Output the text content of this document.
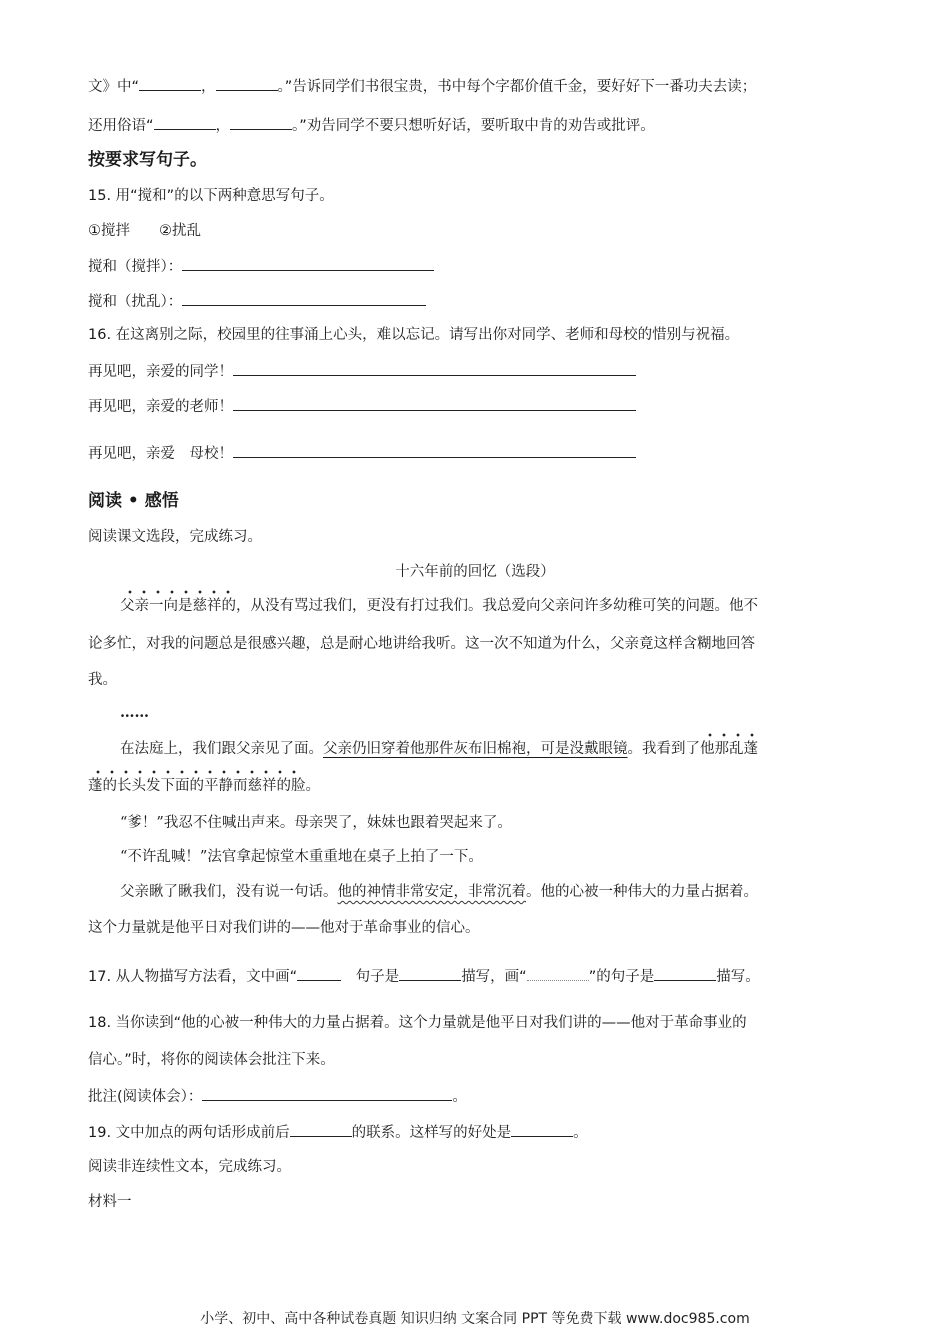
文》中“	，	。”告诉同学们书很宝贵，书中每个字都价值千金，要好好下一番功夫去读；
还用俗语“	，	。”劝告同学不要只想听好话，要听取中肯的劝告或批评。
按要求写句子。
15. 用“搅和”的以下两种意思写句子。
①搅拌　　②扰乱
搅和（搅拌）：
搅和（扰乱）：
16. 在这离别之际，校园里的往事涌上心头，难以忘记。请写出你对同学、老师和母校的惜别与祝福。
再见吧，亲爱的同学！
再见吧，亲爱的老师！
再见吧，亲爱　母校！
阅读 • 感悟
阅读课文选段，完成练习。
十六年前的回忆（选段）
父亲一向是慈祥的，从没有骂过我们，更没有打过我们。我总爱向父亲问许多幼稚可笑的问题。他不
论多忙，对我的问题总是很感兴趣，总是耐心地讲给我听。这一次不知道为什么，父亲竟这样含糊地回答
我。
……
在法庭上，我们跟父亲见了面。父亲仍旧穿着他那件灰布旧棉袍，可是没戴眼镜。我看到了
他那乱蓬
蓬的长头发下面的平静而慈祥的脸。
“爹！”我忍不住喊出声来。母亲哭了，妹妹也跟着哭起来了。
“不许乱喊！”法官拿起惊堂木重重地在桌子上拍了一下。
父亲瞅了瞅我们，没有说一句话。他的神情非常安定，非常沉着。他的心被一种伟大的力量占据着。
这个力量就是他平日对我们讲的——他对于革命事业的信心。
17. 从人物描写方法看，文中画“	　句子是	描写，画“	”的句子是	描写。
18. 当你读到“他的心被一种伟大的力量占据着。这个力量就是他平日对我们讲的——他对于革命事业的
信心。”时，将你的阅读体会批注下来。
批注(阅读体会）：	。
19. 文中加点的两句话形成前后	的联系。这样写的好处是	。
阅读非连续性文本，完成练习。
材料一
小学、初中、高中各种试卷真题 知识归纳 文案合同 PPT 等免费下载 www.doc985.com
